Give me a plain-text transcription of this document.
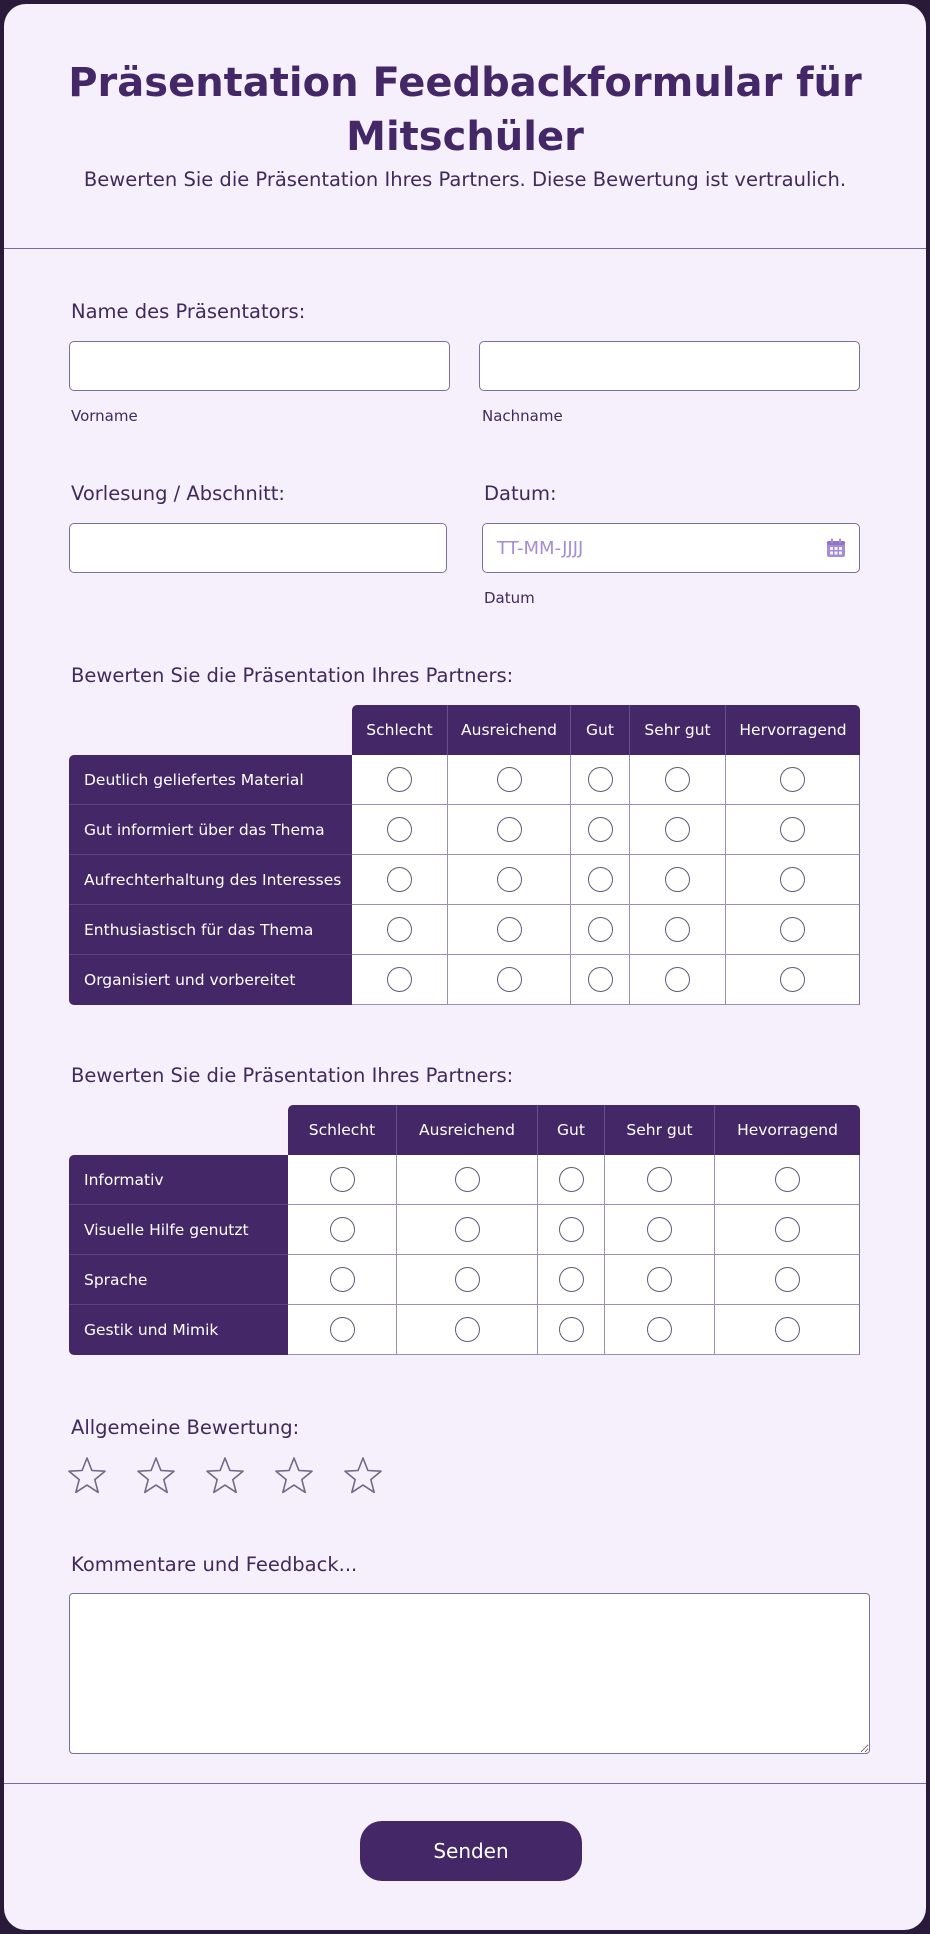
Präsentation Feedbackformular für Mitschüler
Bewerten Sie die Präsentation Ihres Partners. Diese Bewertung ist vertraulich.
Name des Präsentators:
Vorname	Nachname
Vorlesung / Abschnitt:	Datum:
TT-MM-JJJJ
Datum
Bewerten Sie die Präsentation Ihres Partners:
	Schlecht	Ausreichend	Gut	Sehr gut	Hervorragend
Deutlich geliefertes Material					
Gut informiert über das Thema					
Aufrechterhaltung des Interesses					
Enthusiastisch für das Thema					
Organisiert und vorbereitet					
Bewerten Sie die Präsentation Ihres Partners:
	Schlecht	Ausreichend	Gut	Sehr gut	Hevorragend
Informativ					
Visuelle Hilfe genutzt					
Sprache					
Gestik und Mimik					
Allgemeine Bewertung:
Kommentare und Feedback...
Senden
